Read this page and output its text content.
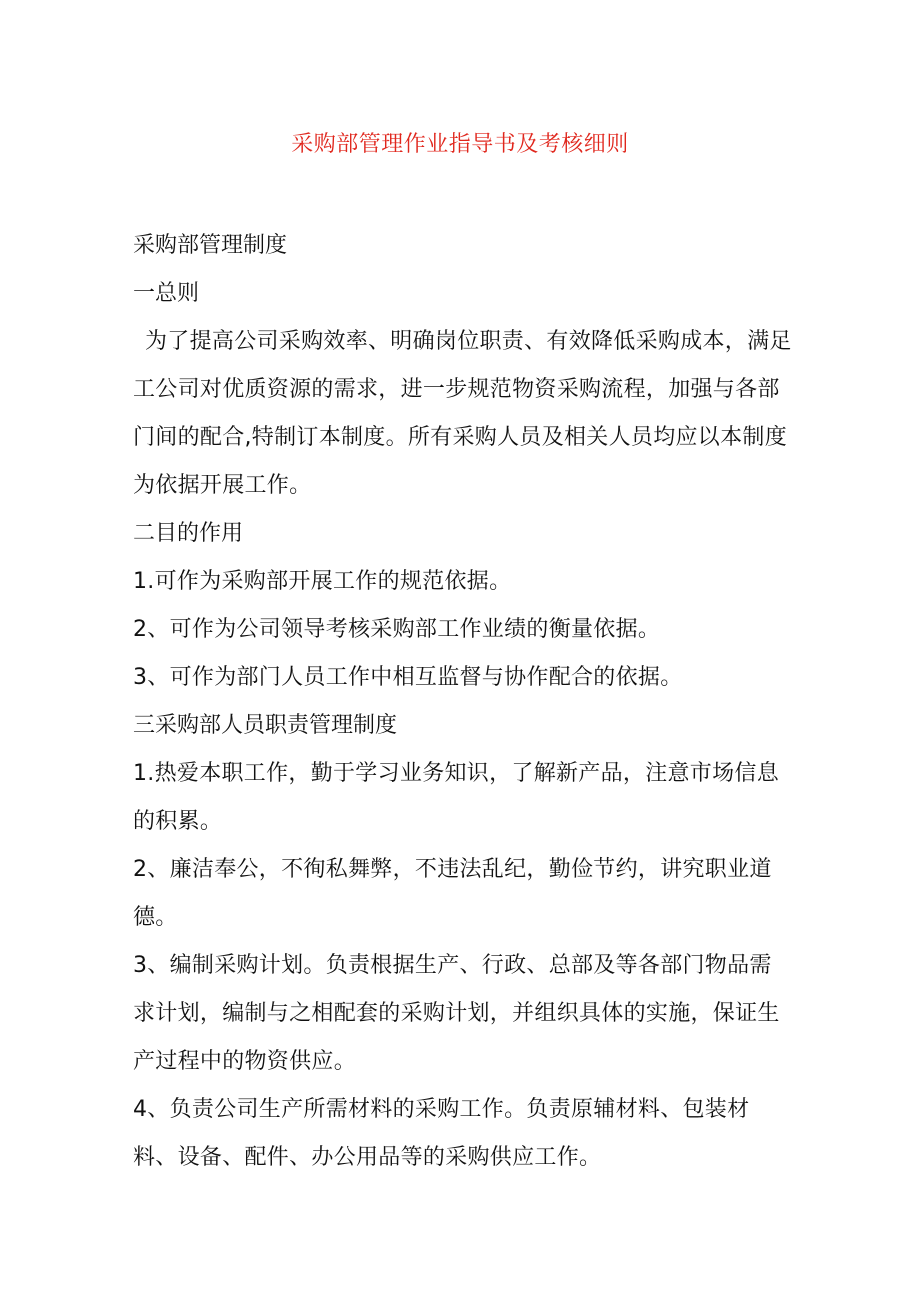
采购部管理作业指导书及考核细则

采购部管理制度

一总则

为了提高公司采购效率、明确岗位职责、有效降低采购成本，满足工公司对优质资源的需求，进一步规范物资采购流程，加强与各部门间的配合,特制订本制度。所有采购人员及相关人员均应以本制度为依据开展工作。

二目的作用

1.可作为采购部开展工作的规范依据。

2、可作为公司领导考核采购部工作业绩的衡量依据。

3、可作为部门人员工作中相互监督与协作配合的依据。

三采购部人员职责管理制度

1.热爱本职工作，勤于学习业务知识，了解新产品，注意市场信息的积累。

2、廉洁奉公，不徇私舞弊，不违法乱纪，勤俭节约，讲究职业道德。

3、编制采购计划。负责根据生产、行政、总部及等各部门物品需求计划，编制与之相配套的采购计划，并组织具体的实施，保证生产过程中的物资供应。

4、负责公司生产所需材料的采购工作。负责原辅材料、包装材料、设备、配件、办公用品等的采购供应工作。
